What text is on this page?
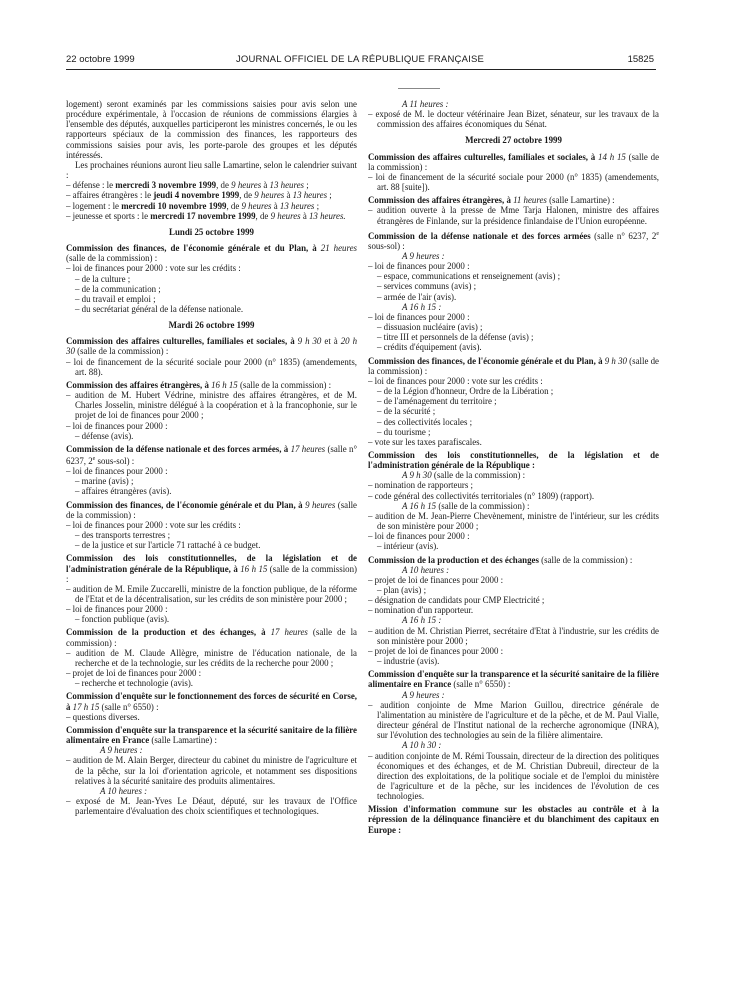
22 octobre 1999	JOURNAL OFFICIEL DE LA RÉPUBLIQUE FRANÇAISE	15825
logement) seront examinés par les commissions saisies pour avis selon une procédure expérimentale, à l'occasion de réunions de commissions élargies à l'ensemble des députés, auxquelles participeront les ministres concernés, le ou les rapporteurs spéciaux de la commission des finances, les rapporteurs des commissions saisies pour avis, les porte-parole des groupes et les députés intéressés.
Les prochaines réunions auront lieu salle Lamartine, selon le calendrier suivant :
– défense : le mercredi 3 novembre 1999, de 9 heures à 13 heures ;
– affaires étrangères : le jeudi 4 novembre 1999, de 9 heures à 13 heures ;
– logement : le mercredi 10 novembre 1999, de 9 heures à 13 heures ;
– jeunesse et sports : le mercredi 17 novembre 1999, de 9 heures à 13 heures.
Lundi 25 octobre 1999
Commission des finances, de l'économie générale et du Plan, à 21 heures (salle de la commission) :
– loi de finances pour 2000 : vote sur les crédits :
– de la culture ;
– de la communication ;
– du travail et emploi ;
– du secrétariat général de la défense nationale.
Mardi 26 octobre 1999
Commission des affaires culturelles, familiales et sociales, à 9 h 30 et à 20 h 30 (salle de la commission) :
– loi de financement de la sécurité sociale pour 2000 (n° 1835) (amendements, art. 88).
Commission des affaires étrangères, à 16 h 15 (salle de la commission) :
– audition de M. Hubert Védrine, ministre des affaires étrangères, et de M. Charles Josselin, ministre délégué à la coopération et à la francophonie, sur le projet de loi de finances pour 2000 ;
– loi de finances pour 2000 :
– défense (avis).
Commission de la défense nationale et des forces armées, à 17 heures (salle n° 6237, 2e sous-sol) :
– loi de finances pour 2000 :
– marine (avis) ;
– affaires étrangères (avis).
Commission des finances, de l'économie générale et du Plan, à 9 heures (salle de la commission) :
– loi de finances pour 2000 : vote sur les crédits :
– des transports terrestres ;
– de la justice et sur l'article 71 rattaché à ce budget.
Commission des lois constitutionnelles, de la législation et de l'administration générale de la République, à 16 h 15 (salle de la commission) :
– audition de M. Emile Zuccarelli, ministre de la fonction publique, de la réforme de l'Etat et de la décentralisation, sur les crédits de son ministère pour 2000 ;
– loi de finances pour 2000 :
– fonction publique (avis).
Commission de la production et des échanges, à 17 heures (salle de la commission) :
– audition de M. Claude Allègre, ministre de l'éducation nationale, de la recherche et de la technologie, sur les crédits de la recherche pour 2000 ;
– projet de loi de finances pour 2000 :
– recherche et technologie (avis).
Commission d'enquête sur le fonctionnement des forces de sécurité en Corse, à 17 h 15 (salle n° 6550) :
– questions diverses.
Commission d'enquête sur la transparence et la sécurité sanitaire de la filière alimentaire en France (salle Lamartine) :
A 9 heures :
– audition de M. Alain Berger, directeur du cabinet du ministre de l'agriculture et de la pêche, sur la loi d'orientation agricole, et notamment ses dispositions relatives à la sécurité sanitaire des produits alimentaires.
A 10 heures :
– exposé de M. Jean-Yves Le Déaut, député, sur les travaux de l'Office parlementaire d'évaluation des choix scientifiques et technologiques.
A 11 heures :
– exposé de M. le docteur vétérinaire Jean Bizet, sénateur, sur les travaux de la commission des affaires économiques du Sénat.
Mercredi 27 octobre 1999
Commission des affaires culturelles, familiales et sociales, à 14 h 15 (salle de la commission) :
– loi de financement de la sécurité sociale pour 2000 (n° 1835) (amendements, art. 88 [suite]).
Commission des affaires étrangères, à 11 heures (salle Lamartine) :
– audition ouverte à la presse de Mme Tarja Halonen, ministre des affaires étrangères de Finlande, sur la présidence finlandaise de l'Union européenne.
Commission de la défense nationale et des forces armées (salle n° 6237, 2e sous-sol) :
A 9 heures :
– loi de finances pour 2000 :
– espace, communications et renseignement (avis) ;
– services communs (avis) ;
– armée de l'air (avis).
A 16 h 15 :
– loi de finances pour 2000 :
– dissuasion nucléaire (avis) ;
– titre III et personnels de la défense (avis) ;
– crédits d'équipement (avis).
Commission des finances, de l'économie générale et du Plan, à 9 h 30 (salle de la commission) :
– loi de finances pour 2000 : vote sur les crédits :
– de la Légion d'honneur, Ordre de la Libération ;
– de l'aménagement du territoire ;
– de la sécurité ;
– des collectivités locales ;
– du tourisme ;
– vote sur les taxes parafiscales.
Commission des lois constitutionnelles, de la législation et de l'administration générale de la République :
A 9 h 30 (salle de la commission) :
– nomination de rapporteurs ;
– code général des collectivités territoriales (n° 1809) (rapport).
A 16 h 15 (salle de la commission) :
– audition de M. Jean-Pierre Chevènement, ministre de l'intérieur, sur les crédits de son ministère pour 2000 ;
– loi de finances pour 2000 :
– intérieur (avis).
Commission de la production et des échanges (salle de la commission) :
A 10 heures :
– projet de loi de finances pour 2000 :
– plan (avis) ;
– désignation de candidats pour CMP Electricité ;
– nomination d'un rapporteur.
A 16 h 15 :
– audition de M. Christian Pierret, secrétaire d'Etat à l'industrie, sur les crédits de son ministère pour 2000 ;
– projet de loi de finances pour 2000 :
– industrie (avis).
Commission d'enquête sur la transparence et la sécurité sanitaire de la filière alimentaire en France (salle n° 6550) :
A 9 heures :
– audition conjointe de Mme Marion Guillou, directrice générale de l'alimentation au ministère de l'agriculture et de la pêche, et de M. Paul Vialle, directeur général de l'Institut national de la recherche agronomique (INRA), sur l'évolution des technologies au sein de la filière alimentaire.
A 10 h 30 :
– audition conjointe de M. Rémi Toussain, directeur de la direction des politiques économiques et des échanges, et de M. Christian Dubreuil, directeur de la direction des exploitations, de la politique sociale et de l'emploi du ministère de l'agriculture et de la pêche, sur les incidences de l'évolution de ces technologies.
Mission d'information commune sur les obstacles au contrôle et à la répression de la délinquance financière et du blanchiment des capitaux en Europe :
